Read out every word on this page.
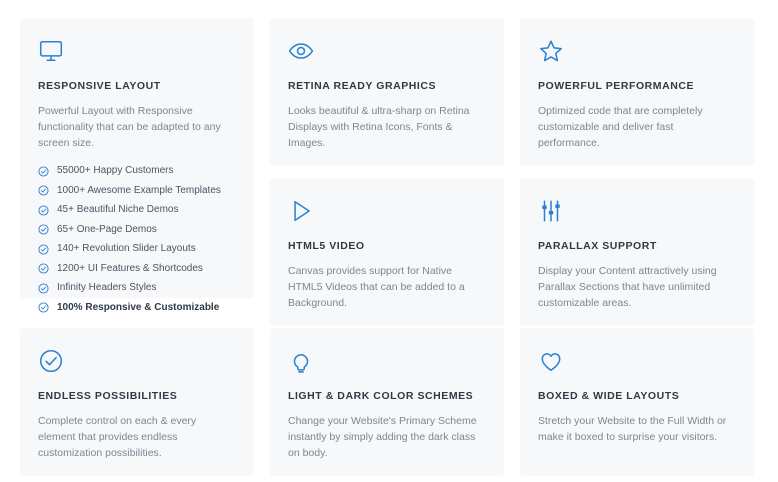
RESPONSIVE LAYOUT

Powerful Layout with Responsive functionality that can be adapted to any screen size.

55000+ Happy Customers
1000+ Awesome Example Templates
45+ Beautiful Niche Demos
65+ One-Page Demos
140+ Revolution Slider Layouts
1200+ UI Features & Shortcodes
Infinity Headers Styles
100% Responsive & Customizable
RETINA READY GRAPHICS

Looks beautiful & ultra-sharp on Retina Displays with Retina Icons, Fonts & Images.

POWERFUL PERFORMANCE

Optimized code that are completely customizable and deliver fast performance.

HTML5 VIDEO

Canvas provides support for Native HTML5 Videos that can be added to a Background.

PARALLAX SUPPORT

Display your Content attractively using Parallax Sections that have unlimited customizable areas.

ENDLESS POSSIBILITIES

Complete control on each & every element that provides endless customization possibilities.

LIGHT & DARK COLOR SCHEMES

Change your Website's Primary Scheme instantly by simply adding the dark class on body.

BOXED & WIDE LAYOUTS

Stretch your Website to the Full Width or make it boxed to surprise your visitors.
